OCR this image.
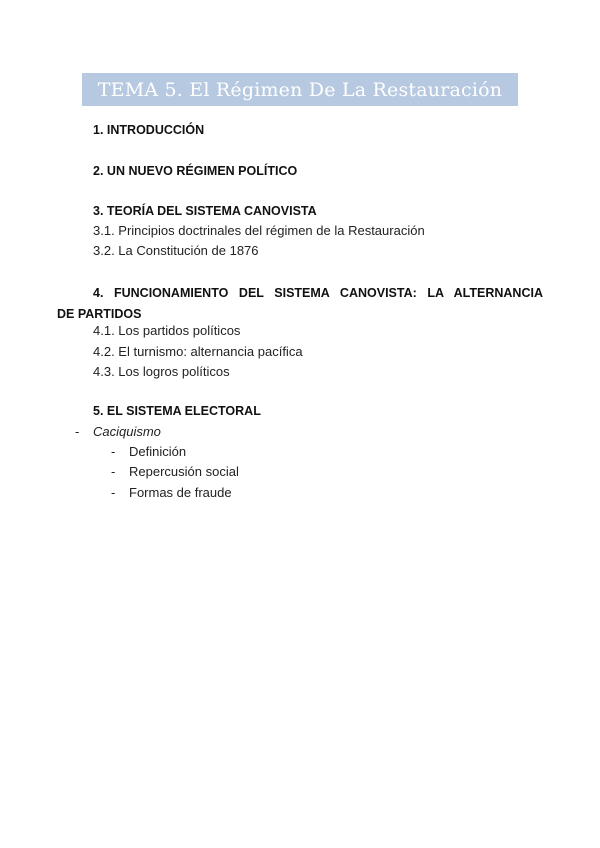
TEMA 5. El Régimen De La Restauración
1. INTRODUCCIÓN
2. UN NUEVO RÉGIMEN POLÍTICO
3. TEORÍA DEL SISTEMA CANOVISTA
3.1. Principios doctrinales del régimen de la Restauración
3.2. La Constitución de 1876
4. FUNCIONAMIENTO DEL SISTEMA CANOVISTA: LA ALTERNANCIA
DE PARTIDOS
4.1. Los partidos políticos
4.2. El turnismo: alternancia pacífica
4.3. Los logros políticos
5. EL SISTEMA ELECTORAL
- Caciquismo
- Definición
- Repercusión social
- Formas de fraude
